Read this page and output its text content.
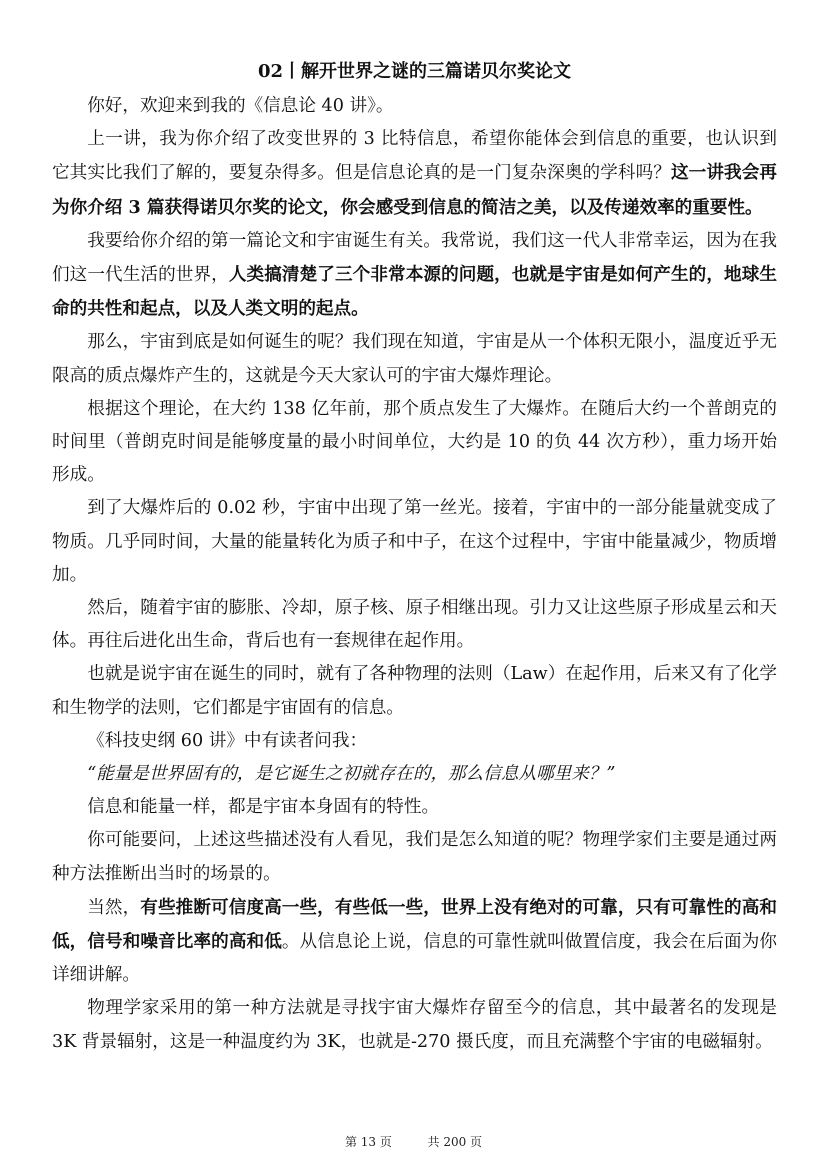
02丨解开世界之谜的三篇诺贝尔奖论文

你好，欢迎来到我的《信息论 40 讲》。

上一讲，我为你介绍了改变世界的 3 比特信息，希望你能体会到信息的重要，也认识到它其实比我们了解的，要复杂得多。但是信息论真的是一门复杂深奥的学科吗？这一讲我会再为你介绍 3 篇获得诺贝尔奖的论文，你会感受到信息的简洁之美，以及传递效率的重要性。

我要给你介绍的第一篇论文和宇宙诞生有关。我常说，我们这一代人非常幸运，因为在我们这一代生活的世界，人类搞清楚了三个非常本源的问题，也就是宇宙是如何产生的，地球生命的共性和起点，以及人类文明的起点。

那么，宇宙到底是如何诞生的呢？我们现在知道，宇宙是从一个体积无限小，温度近乎无限高的质点爆炸产生的，这就是今天大家认可的宇宙大爆炸理论。

根据这个理论，在大约 138 亿年前，那个质点发生了大爆炸。在随后大约一个普朗克的时间里（普朗克时间是能够度量的最小时间单位，大约是 10 的负 44 次方秒），重力场开始形成。

到了大爆炸后的 0.02 秒，宇宙中出现了第一丝光。接着，宇宙中的一部分能量就变成了物质。几乎同时间，大量的能量转化为质子和中子，在这个过程中，宇宙中能量减少，物质增加。

然后，随着宇宙的膨胀、冷却，原子核、原子相继出现。引力又让这些原子形成星云和天体。再往后进化出生命，背后也有一套规律在起作用。

也就是说宇宙在诞生的同时，就有了各种物理的法则（Law）在起作用，后来又有了化学和生物学的法则，它们都是宇宙固有的信息。

《科技史纲 60 讲》中有读者问我：

“能量是世界固有的，是它诞生之初就存在的，那么信息从哪里来？”

信息和能量一样，都是宇宙本身固有的特性。

你可能要问，上述这些描述没有人看见，我们是怎么知道的呢？物理学家们主要是通过两种方法推断出当时的场景的。

当然，有些推断可信度高一些，有些低一些，世界上没有绝对的可靠，只有可靠性的高和低，信号和噪音比率的高和低。从信息论上说，信息的可靠性就叫做置信度，我会在后面为你详细讲解。

物理学家采用的第一种方法就是寻找宇宙大爆炸存留至今的信息，其中最著名的发现是 3K 背景辐射，这是一种温度约为 3K，也就是-270 摄氏度，而且充满整个宇宙的电磁辐射。

第 13 页	共 200 页
